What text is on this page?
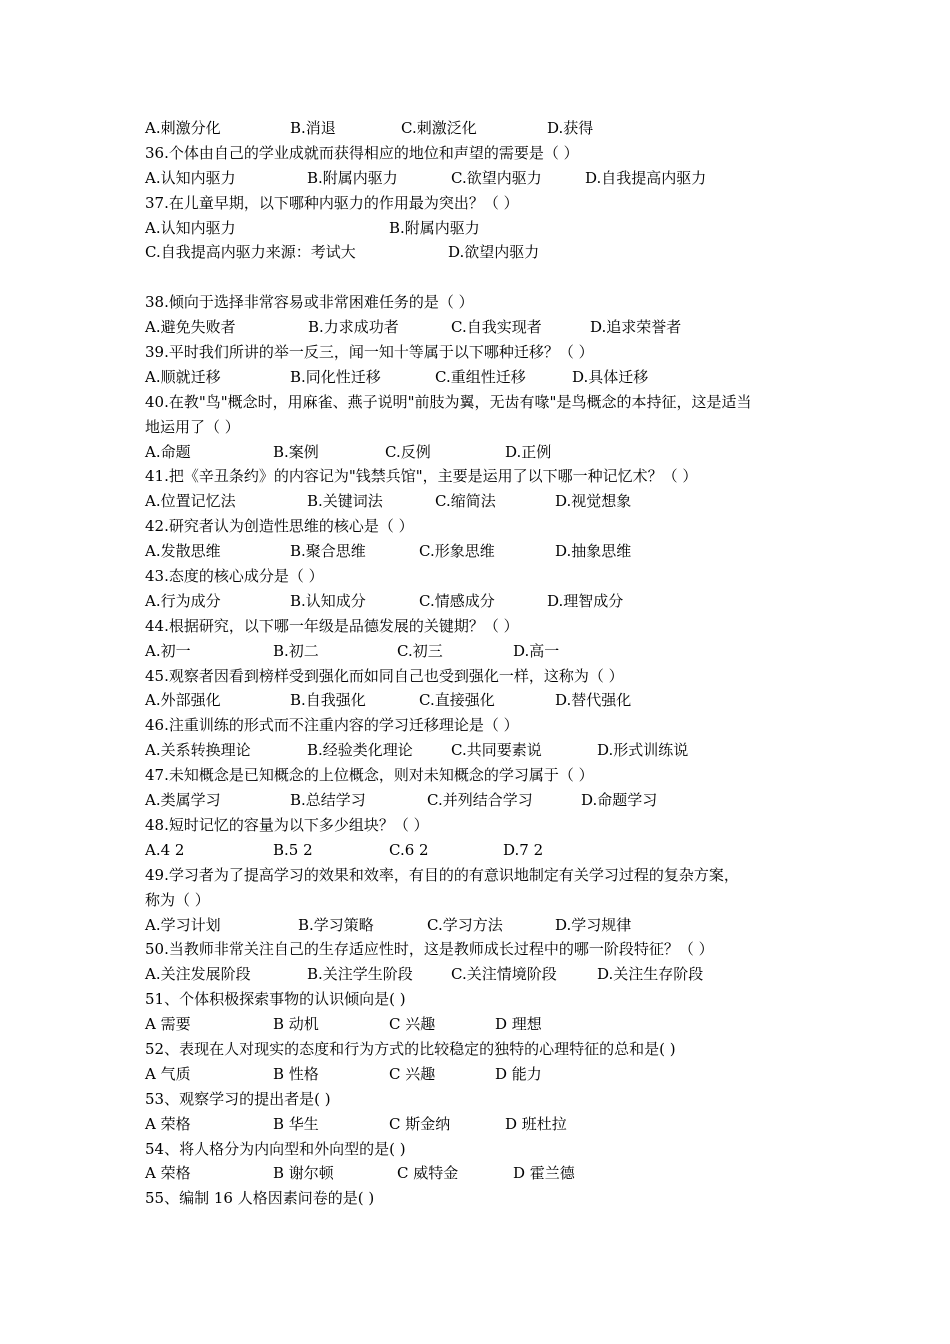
A.刺激分化	B.消退	C.刺激泛化	D.获得
36.个体由自己的学业成就而获得相应的地位和声望的需要是（ ）
A.认知内驱力	B.附属内驱力	C.欲望内驱力	D.自我提高内驱力
37.在儿童早期，以下哪种内驱力的作用最为突出？（ ）
A.认知内驱力	B.附属内驱力
C.自我提高内驱力来源：考试大	D.欲望内驱力
38.倾向于选择非常容易或非常困难任务的是（ ）
A.避免失败者	B.力求成功者	C.自我实现者	D.追求荣誉者
39.平时我们所讲的举一反三，闻一知十等属于以下哪种迁移？（ ）
A.顺就迁移	B.同化性迁移	C.重组性迁移	D.具体迁移
40.在教"鸟"概念时，用麻雀、燕子说明"前肢为翼，无齿有喙"是鸟概念的本持征，这是适当
地运用了（ ）
A.命题	B.案例	C.反例	D.正例
41.把《辛丑条约》的内容记为"钱禁兵馆"，主要是运用了以下哪一种记忆术？（ ）
A.位置记忆法	B.关键词法	C.缩简法	D.视觉想象
42.研究者认为创造性思维的核心是（ ）
A.发散思维	B.聚合思维	C.形象思维	D.抽象思维
43.态度的核心成分是（ ）
A.行为成分	B.认知成分	C.情感成分	D.理智成分
44.根据研究，以下哪一年级是品德发展的关键期？（ ）
A.初一	B.初二	C.初三	D.高一
45.观察者因看到榜样受到强化而如同自己也受到强化一样，这称为（ ）
A.外部强化	B.自我强化	C.直接强化	D.替代强化
46.注重训练的形式而不注重内容的学习迁移理论是（ ）
A.关系转换理论	B.经验类化理论	C.共同要素说	D.形式训练说
47.未知概念是已知概念的上位概念，则对未知概念的学习属于（ ）
A.类属学习	B.总结学习	C.并列结合学习	D.命题学习
48.短时记忆的容量为以下多少组块？（ ）
A.4 2	B.5 2	C.6 2	D.7 2
49.学习者为了提高学习的效果和效率，有目的的有意识地制定有关学习过程的复杂方案，
称为（ ）
A.学习计划	B.学习策略	C.学习方法	D.学习规律
50.当教师非常关注自己的生存适应性时，这是教师成长过程中的哪一阶段特征？（ ）
A.关注发展阶段	B.关注学生阶段	C.关注情境阶段	D.关注生存阶段
51、个体积极探索事物的认识倾向是( )
A 需要	B 动机	C 兴趣	D 理想
52、表现在人对现实的态度和行为方式的比较稳定的独特的心理特征的总和是( )
A 气质	B 性格	C 兴趣	D 能力
53、观察学习的提出者是( )
A 荣格	B 华生	C 斯金纳	D 班杜拉
54、将人格分为内向型和外向型的是( )
A 荣格	B 谢尔顿	C 威特金	D 霍兰德
55、编制 16 人格因素问卷的是( )
